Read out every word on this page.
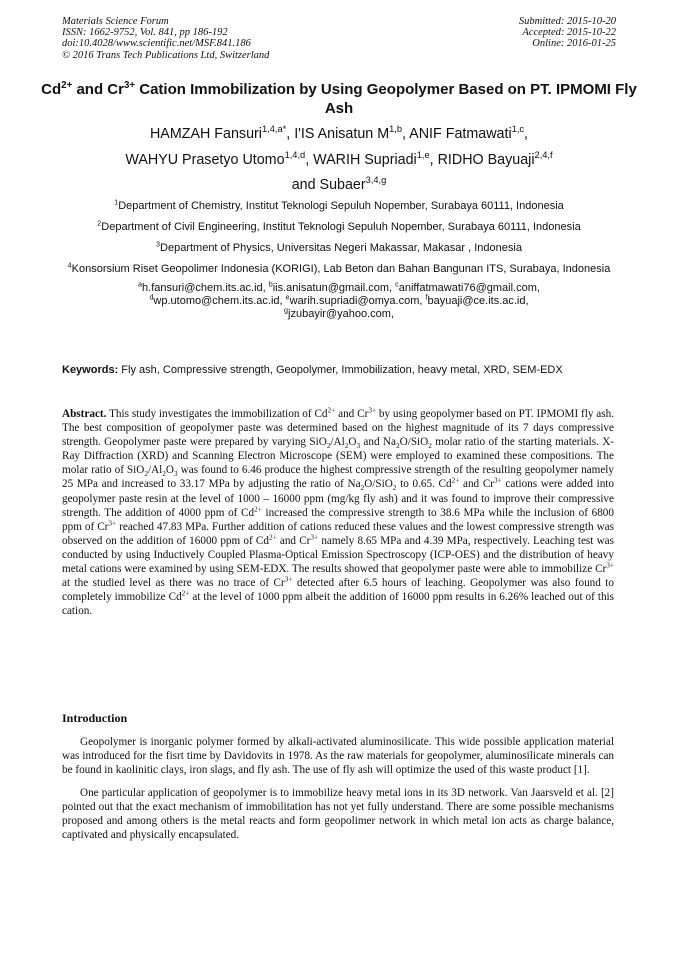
Materials Science Forum
ISSN: 1662-9752, Vol. 841, pp 186-192
doi:10.4028/www.scientific.net/MSF.841.186
© 2016 Trans Tech Publications Ltd, Switzerland
Submitted: 2015-10-20
Accepted: 2015-10-22
Online: 2016-01-25
$Cd^{2+}$ and $Cr^{3+}$ Cation Immobilization by Using Geopolymer Based on PT. IPMOMI Fly Ash
HAMZAH Fansuri$^{1,4,a*}$, I'IS Anisatun M$^{1,b}$, ANIF Fatmawati$^{1,c}$,
WAHYU Prasetyo Utomo$^{1,4,d}$, WARIH Supriadi$^{1,e}$, RIDHO Bayuaji$^{2,4,f}$
and Subaer$^{3,4,g}$
$^1$Department of Chemistry, Institut Teknologi Sepuluh Nopember, Surabaya 60111, Indonesia
$^2$Department of Civil Engineering, Institut Teknologi Sepuluh Nopember, Surabaya 60111, Indonesia
$^3$Department of Physics, Universitas Negeri Makassar, Makasar , Indonesia
$^4$Konsorsium Riset Geopolimer Indonesia (KORIGI), Lab Beton dan Bahan Bangunan ITS, Surabaya, Indonesia
$^a$h.fansuri@chem.its.ac.id, $^b$iis.anisatun@gmail.com, $^c$aniffatmawati76@gmail.com,
$^d$wp.utomo@chem.its.ac.id, $^e$warih.supriadi@omya.com, $^f$bayuaji@ce.its.ac.id,
$^g$jzubayir@yahoo.com,
Keywords: Fly ash, Compressive strength, Geopolymer, Immobilization, heavy metal, XRD, SEM-EDX
Abstract. This study investigates the immobilization of $Cd^{2+}$ and $Cr^{3+}$ by using geopolymer based on PT. IPMOMI fly ash. The best composition of geopolymer paste was determined based on the highest magnitude of its 7 days compressive strength. Geopolymer paste were prepared by varying $SiO_2/Al_2O_3$ and $Na_2O/SiO_2$ molar ratio of the starting materials. X-Ray Diffraction (XRD) and Scanning Electron Microscope (SEM) were employed to examined these compositions. The molar ratio of $SiO_2/Al_2O_3$ was found to 6.46 produce the highest compressive strength of the resulting geopolymer namely 25 MPa and increased to 33.17 MPa by adjusting the ratio of $Na_2O/SiO_2$ to 0.65. $Cd^{2+}$ and $Cr^{3+}$ cations were added into geopolymer paste resin at the level of 1000 – 16000 ppm (mg/kg fly ash) and it was found to improve their compressive strength. The addition of 4000 ppm of $Cd^{2+}$ increased the compressive strength to 38.6 MPa while the inclusion of 6800 ppm of $Cr^{3+}$ reached 47.83 MPa. Further addition of cations reduced these values and the lowest compressive strength was observed on the addition of 16000 ppm of $Cd^{2+}$ and $Cr^{3+}$ namely 8.65 MPa and 4.39 MPa, respectively. Leaching test was conducted by using Inductively Coupled Plasma-Optical Emission Spectroscopy (ICP-OES) and the distribution of heavy metal cations were examined by using SEM-EDX. The results showed that geopolymer paste were able to immobilize $Cr^{3+}$ at the studied level as there was no trace of $Cr^{3+}$ detected after 6.5 hours of leaching. Geopolymer was also found to completely immobilize $Cd^{2+}$ at the level of 1000 ppm albeit the addition of 16000 ppm results in 6.26% leached out of this cation.
Introduction

Geopolymer is inorganic polymer formed by alkali-activated aluminosilicate. This wide possible application material was introduced for the fisrt time by Davidovits in 1978. As the raw materials for geopolymer, aluminosilicate minerals can be found in kaolinitic clays, iron slags, and fly ash. The use of fly ash will optimize the used of this waste product [1].

One particular application of geopolymer is to immobilize heavy metal ions in its 3D network. Van Jaarsveld et al. [2] pointed out that the exact mechanism of immobilitation has not yet fully understand. There are some possible mechanisms proposed and among others is the metal reacts and form geopolimer network in which metal ion acts as charge balance, captivated and physically encapsulated.
